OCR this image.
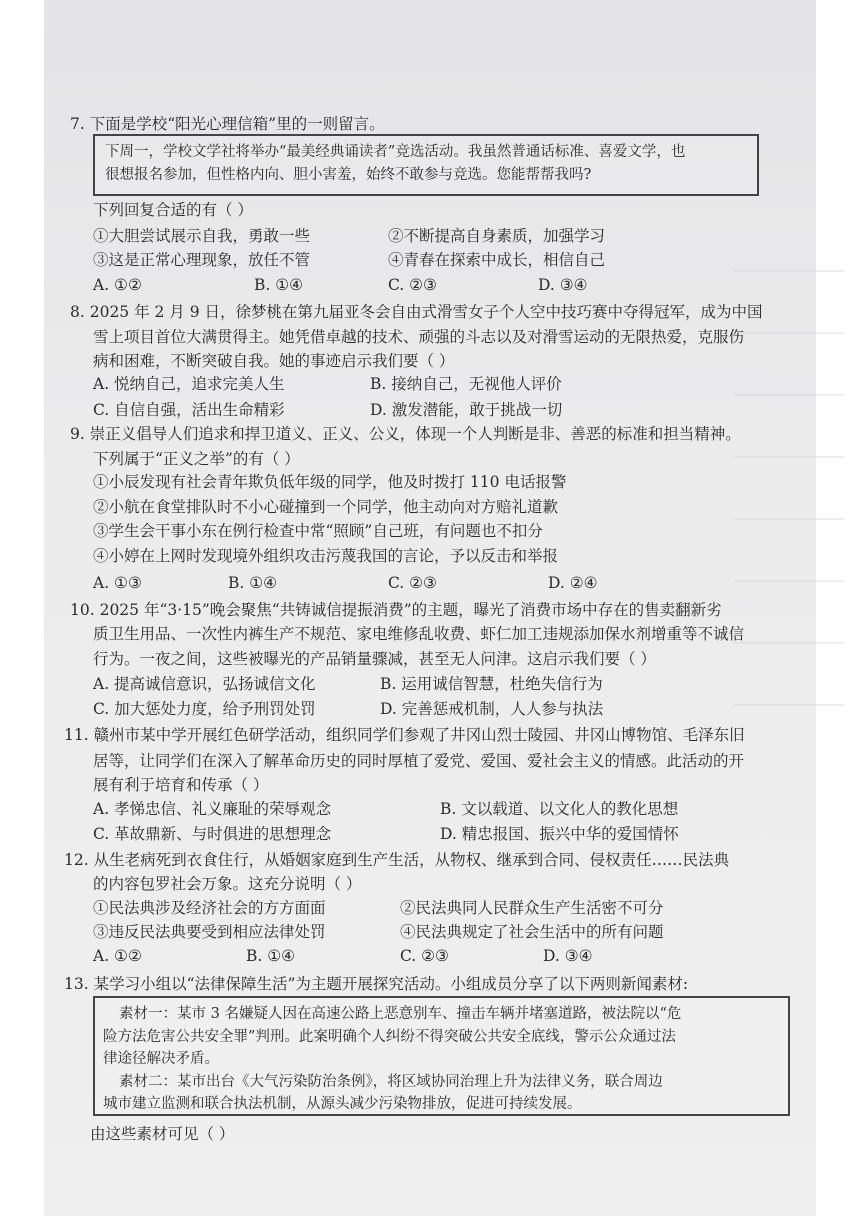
7. 下面是学校“阳光心理信箱”里的一则留言。
下周一，学校文学社将举办“最美经典诵读者”竞选活动。我虽然普通话标准、喜爱文学，也
很想报名参加，但性格内向、胆小害羞，始终不敢参与竞选。您能帮帮我吗?
下列回复合适的有（ ）
①大胆尝试展示自我，勇敢一些	②不断提高自身素质，加强学习
③这是正常心理现象，放任不管	④青春在探索中成长，相信自己
A. ①②	B. ①④	C. ②③	D. ③④
8. 2025 年 2 月 9 日，徐梦桃在第九届亚冬会自由式滑雪女子个人空中技巧赛中夺得冠军，成为中国
雪上项目首位大满贯得主。她凭借卓越的技术、顽强的斗志以及对滑雪运动的无限热爱，克服伤
病和困难，不断突破自我。她的事迹启示我们要（ ）
A. 悦纳自己，追求完美人生	B. 接纳自己，无视他人评价
C. 自信自强，活出生命精彩	D. 激发潜能，敢于挑战一切
9. 崇正义倡导人们追求和捍卫道义、正义、公义，体现一个人判断是非、善恶的标准和担当精神。
下列属于“正义之举”的有（ ）
①小辰发现有社会青年欺负低年级的同学，他及时拨打 110 电话报警
②小航在食堂排队时不小心碰撞到一个同学，他主动向对方赔礼道歉
③学生会干事小东在例行检查中常“照顾”自己班，有问题也不扣分
④小婷在上网时发现境外组织攻击污蔑我国的言论，予以反击和举报
A. ①③	B. ①④	C. ②③	D. ②④
10. 2025 年“3·15”晚会聚焦“共铸诚信提振消费”的主题，曝光了消费市场中存在的售卖翻新劣
质卫生用品、一次性内裤生产不规范、家电维修乱收费、虾仁加工违规添加保水剂增重等不诚信
行为。一夜之间，这些被曝光的产品销量骤减，甚至无人问津。这启示我们要（ ）
A. 提高诚信意识，弘扬诚信文化	B. 运用诚信智慧，杜绝失信行为
C. 加大惩处力度，给予刑罚处罚	D. 完善惩戒机制，人人参与执法
11. 赣州市某中学开展红色研学活动，组织同学们参观了井冈山烈士陵园、井冈山博物馆、毛泽东旧
居等，让同学们在深入了解革命历史的同时厚植了爱党、爱国、爱社会主义的情感。此活动的开
展有利于培育和传承（ ）
A. 孝悌忠信、礼义廉耻的荣辱观念	B. 文以载道、以文化人的教化思想
C. 革故鼎新、与时俱进的思想理念	D. 精忠报国、振兴中华的爱国情怀
12. 从生老病死到衣食住行，从婚姻家庭到生产生活，从物权、继承到合同、侵权责任……民法典
的内容包罗社会万象。这充分说明（ ）
①民法典涉及经济社会的方方面面	②民法典同人民群众生产生活密不可分
③违反民法典要受到相应法律处罚	④民法典规定了社会生活中的所有问题
A. ①②	B. ①④	C. ②③	D. ③④
13. 某学习小组以“法律保障生活”为主题开展探究活动。小组成员分享了以下两则新闻素材:
素材一：某市 3 名嫌疑人因在高速公路上恶意别车、撞击车辆并堵塞道路，被法院以“危
险方法危害公共安全罪”判刑。此案明确个人纠纷不得突破公共安全底线，警示公众通过法
律途径解决矛盾。
素材二：某市出台《大气污染防治条例》，将区域协同治理上升为法律义务，联合周边
城市建立监测和联合执法机制，从源头减少污染物排放，促进可持续发展。
由这些素材可见（ ）
